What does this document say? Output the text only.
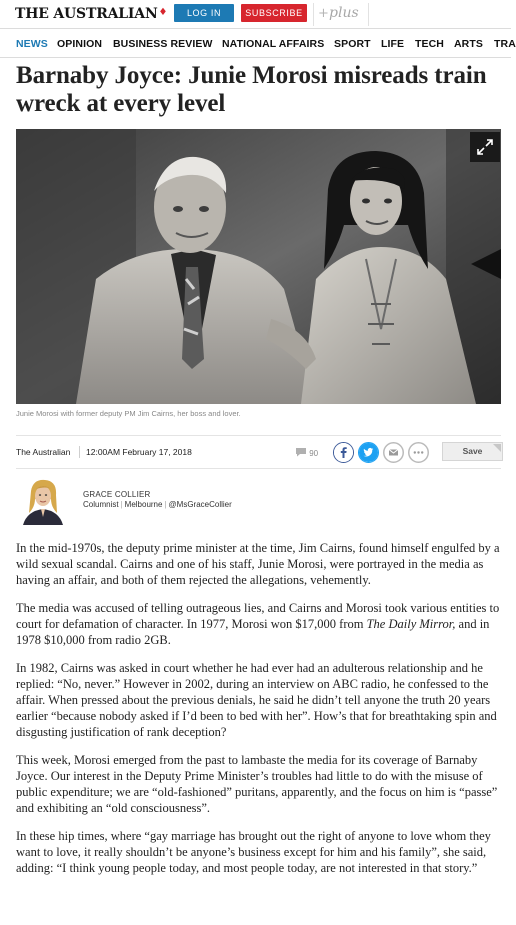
THE AUSTRALIAN♦	LOG IN	SUBSCRIBE	+ plus
NEWS OPINION BUSINESS REVIEW NATIONAL AFFAIRS SPORT LIFE TECH ARTS TRA
Barnaby Joyce: Junie Morosi misreads train wreck at every level
Junie Morosi with former deputy PM Jim Cairns, her boss and lover.
The Australian 12:00AM February 17, 2018	90	Save
GRACE COLLIER
Columnist | Melbourne | @MsGraceCollier

In the mid-1970s, the deputy prime minister at the time, Jim Cairns, found himself engulfed by a wild sexual scandal. Cairns and one of his staff, Junie Morosi, were portrayed in the media as having an affair, and both of them rejected the allegations, vehemently.

The media was accused of telling outrageous lies, and Cairns and Morosi took various entities to court for defamation of character. In 1977, Morosi won $17,000 from The Daily Mirror, and in 1978 $10,000 from radio 2GB.

In 1982, Cairns was asked in court whether he had ever had an adulterous relationship and he replied: “No, never.” However in 2002, during an interview on ABC radio, he confessed to the affair. When pressed about the previous denials, he said he didn’t tell anyone the truth 20 years earlier “because nobody asked if I’d been to bed with her”. How’s that for breathtaking spin and disgusting justification of rank deception?

This week, Morosi emerged from the past to lambaste the media for its coverage of Barnaby Joyce. Our interest in the Deputy Prime Minister’s troubles had little to do with the misuse of public expenditure; we are “old-fashioned” puritans, apparently, and the focus on him is “passe” and exhibiting an “old consciousness”.

In these hip times, where “gay marriage has brought out the right of anyone to love whom they want to love, it really shouldn’t be anyone’s business except for him and his family”, she said, adding: “I think young people today, and most people today, are not interested in that story.”
